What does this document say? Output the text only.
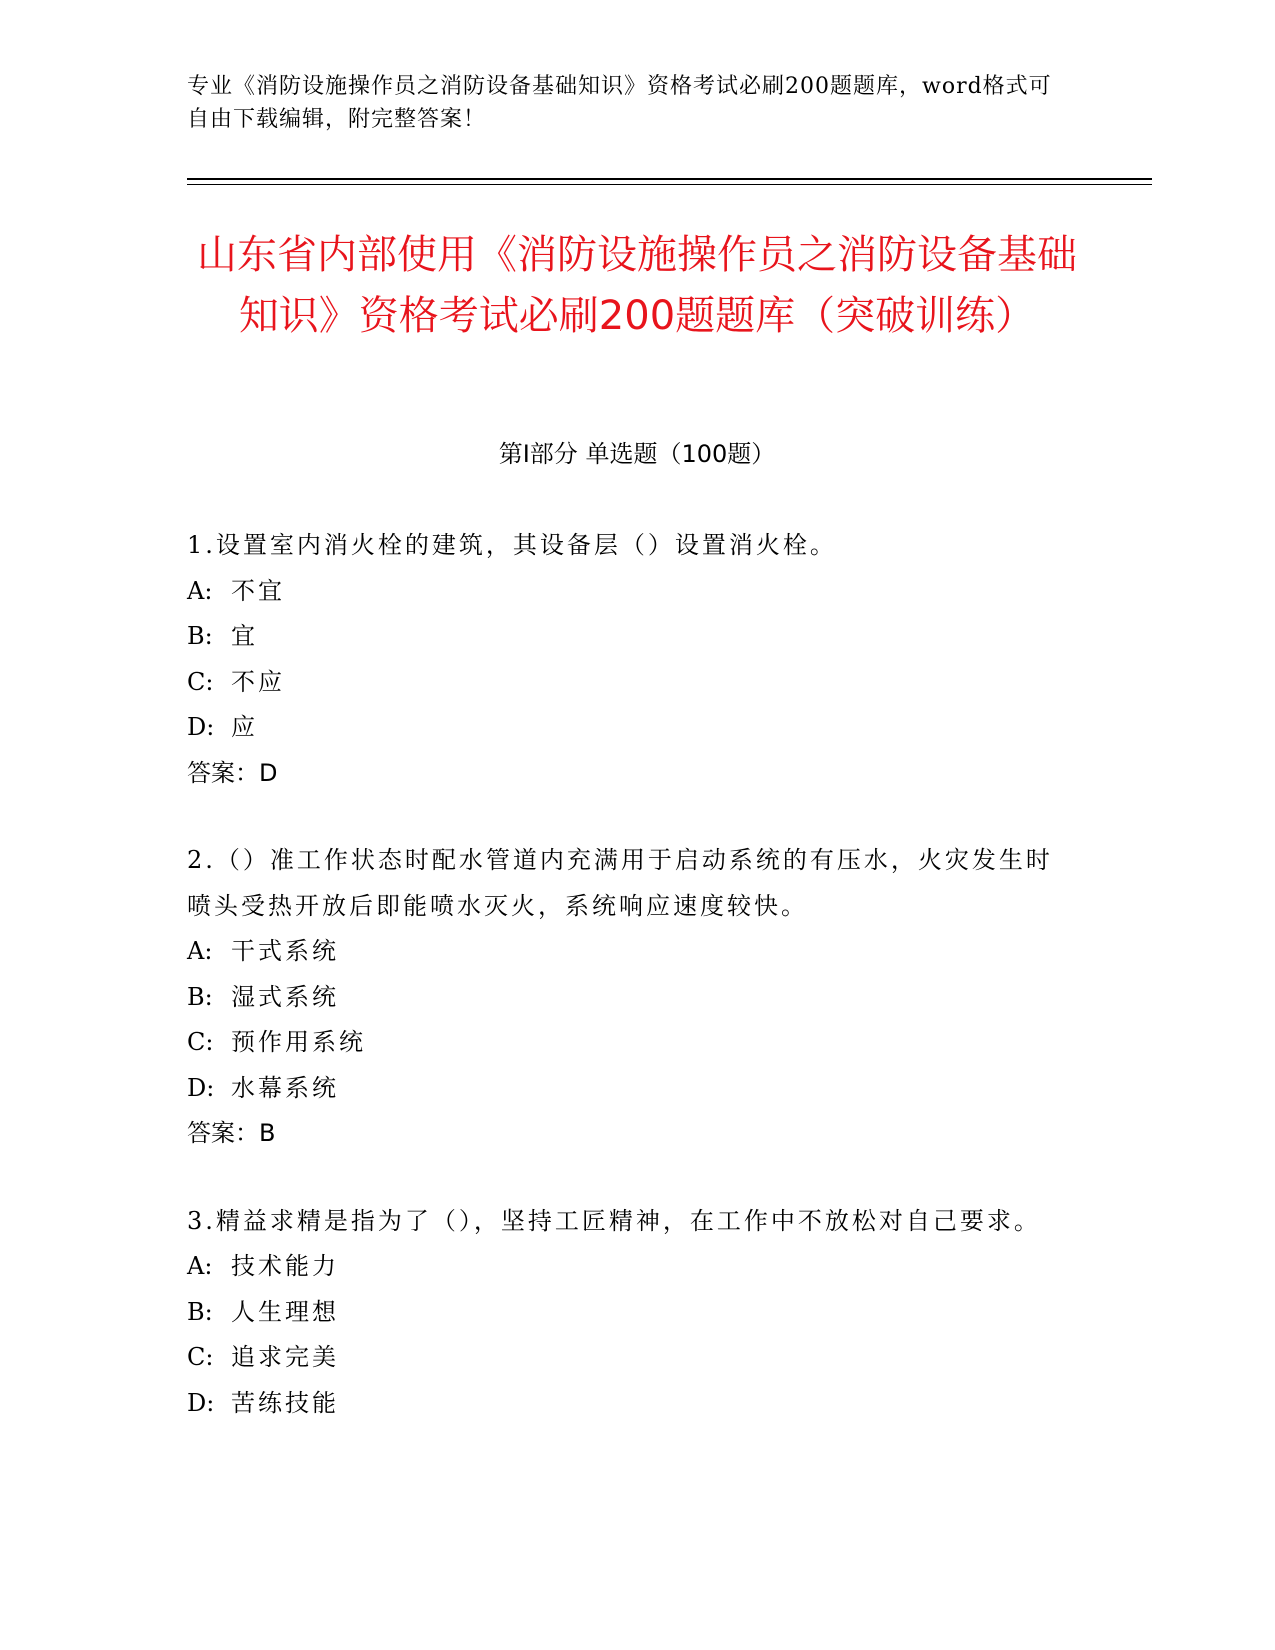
专业《消防设施操作员之消防设备基础知识》资格考试必刷200题题库，word格式可自由下载编辑，附完整答案！
山东省内部使用《消防设施操作员之消防设备基础知识》资格考试必刷200题题库（突破训练）
第Ⅰ部分 单选题（100题）

1.设置室内消火栓的建筑，其设备层（）设置消火栓。

A: 不宜

B: 宜

C: 不应

D: 应

答案：D

2.（）准工作状态时配水管道内充满用于启动系统的有压水，火灾发生时喷头受热开放后即能喷水灭火，系统响应速度较快。

A: 干式系统

B: 湿式系统

C: 预作用系统

D: 水幕系统

答案：B

3.精益求精是指为了（），坚持工匠精神，在工作中不放松对自己要求。

A: 技术能力

B: 人生理想

C: 追求完美

D: 苦练技能
